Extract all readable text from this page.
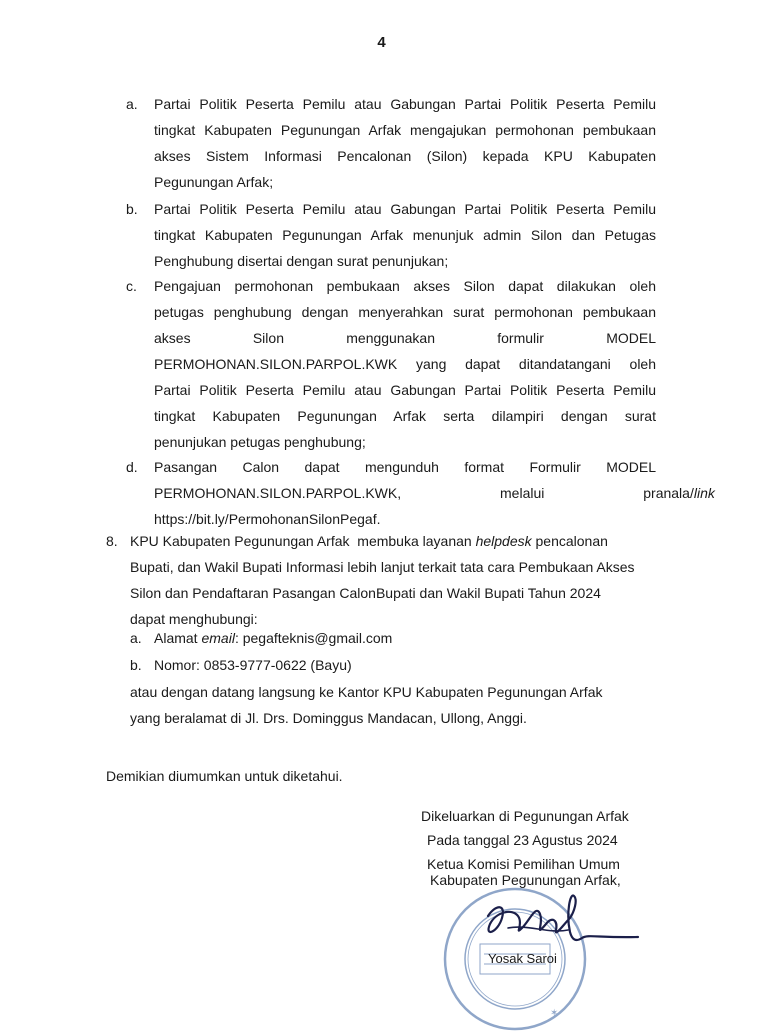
4
a.	Partai Politik Peserta Pemilu atau Gabungan Partai Politik Peserta Pemilu
tingkat Kabupaten Pegunungan Arfak mengajukan permohonan pembukaan
akses Sistem Informasi Pencalonan (Silon) kepada KPU Kabupaten
Pegunungan Arfak;
b.	Partai Politik Peserta Pemilu atau Gabungan Partai Politik Peserta Pemilu
tingkat Kabupaten Pegunungan Arfak menunjuk admin Silon dan Petugas
Penghubung disertai dengan surat penunjukan;
c.	Pengajuan permohonan pembukaan akses Silon dapat dilakukan oleh
petugas penghubung dengan menyerahkan surat permohonan pembukaan
akses Silon menggunakan formulir MODEL
PERMOHONAN.SILON.PARPOL.KWK yang dapat ditandatangani oleh
Partai Politik Peserta Pemilu atau Gabungan Partai Politik Peserta Pemilu
tingkat Kabupaten Pegunungan Arfak serta dilampiri dengan surat
penunjukan petugas penghubung;
d.	Pasangan Calon dapat mengunduh format Formulir MODEL
PERMOHONAN.SILON.PARPOL.KWK, melalui pranala/ link
https://bit.ly/PermohonanSilonPegaf.
8. KPU Kabupaten Pegunungan Arfak  membuka layanan helpdesk pencalonan
Bupati, dan Wakil Bupati Informasi lebih lanjut terkait tata cara Pembukaan Akses
Silon dan Pendaftaran Pasangan CalonBupati dan Wakil Bupati Tahun 2024
dapat menghubungi:
a. Alamat email: pegafteknis@gmail.com
b. Nomor: 0853-9777-0622 (Bayu)
atau dengan datang langsung ke Kantor KPU Kabupaten Pegunungan Arfak
yang beralamat di Jl. Drs. Dominggus Mandacan, Ullong, Anggi.
Demikian diumumkan untuk diketahui.
Dikeluarkan di Pegunungan Arfak
Pada tanggal 23 Agustus 2024
Ketua Komisi Pemilihan Umum
Kabupaten Pegunungan Arfak,
✶
Yosak Saroi
